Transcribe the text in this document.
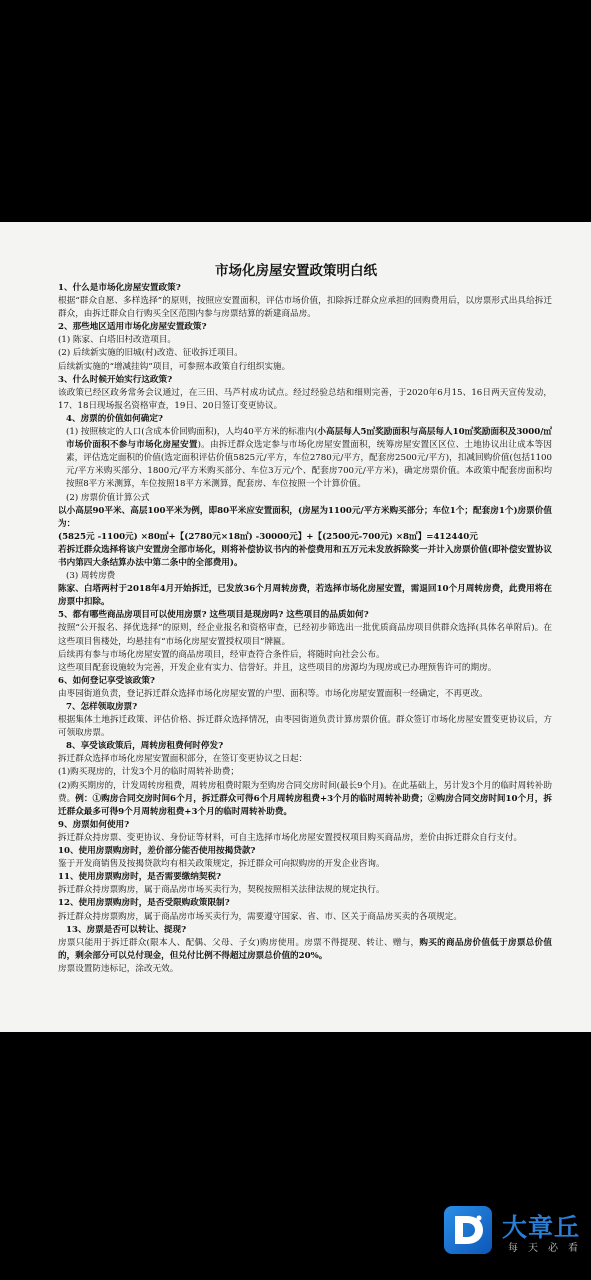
市场化房屋安置政策明白纸

1、什么是市场化房屋安置政策?

根据“群众自愿、多样选择”的原则，按照应安置面积，评估市场价值，扣除拆迁群众应承担的回购费用后，以房票形式出具给拆迁群众，由拆迁群众自行购买全区范围内参与房票结算的新建商品房。

2、那些地区适用市场化房屋安置政策?

(1) 陈家、白塔旧村改造项目。

(2) 后续新实施的旧城(村)改造、征收拆迁项目。

后续新实施的“增减挂钩”项目，可参照本政策自行组织实施。

3、什么时候开始实行这政策?

该政策已经区政务常务会议通过，在三田、马芦村成功试点。经过经验总结和细则完善，于2020年6月15、16日两天宣传发动，17、18日现场报名资格审查，19日、20日签订变更协议。

4、房票的价值如何确定?

(1) 按照核定的人口(含成本价回购面积)，人均40平方米的标准内(小高层每人5㎡奖励面积与高层每人10㎡奖励面积及3000/㎡市场价面积不参与市场化房屋安置)。由拆迁群众选定参与市场化房屋安置面积，统筹房屋安置区区位、土地协议出让成本等因素，评估选定面积的价值(选定面积评估价值5825元/平方，车位2780元/平方，配套房2500元/平方)，扣减回购价值(包括1100元/平方米购买部分、1800元/平方米购买部分、车位3万元/个、配套房700元/平方米)，确定房票价值。本政策中配套房面积均按照8平方米测算，车位按照18平方米测算，配套房、车位按照一个计算价值。

(2) 房票价值计算公式

以小高层90平米、高层100平米为例，即80平米应安置面积，(房屋为1100元/平方米购买部分；车位1个；配套房1个)房票价值为：

(5825元 -1100元) ×80㎡+【(2780元×18㎡) -30000元】+【(2500元-700元) ×8㎡】=412440元

若拆迁群众选择将该户安置房全部市场化，则将补偿协议书内的补偿费用和五万元未发放拆除奖一并计入房票价值(即补偿安置协议书内第四大条结算办法中第二条中的全部费用)。

(3) 周转房费

陈家、白塔两村于2018年4月开始拆迁，已发放36个月周转房费，若选择市场化房屋安置，需退回10个月周转房费，此费用将在房票中扣除。

5、都有哪些商品房项目可以使用房票? 这些项目是现房吗? 这些项目的品质如何?

按照“公开报名、择优选择”的原则，经企业报名和资格审查，已经初步筛选出一批优质商品房项目供群众选择(具体名单附后)。在这些项目售楼处，均悬挂有“市场化房屋安置授权项目”牌匾。

后续再有参与市场化房屋安置的商品房项目，经审查符合条件后，将随时向社会公布。

这些项目配套设施较为完善，开发企业有实力、信誉好。并且，这些项目的房源均为现房或已办理预售许可的期房。

6、如何登记享受该政策?

由枣园街道负责，登记拆迁群众选择市场化房屋安置的户型、面积等。市场化房屋安置面积一经确定，不再更改。

7、怎样领取房票?

根据集体土地拆迁政策、评估价格、拆迁群众选择情况，由枣园街道负责计算房票价值。群众签订市场化房屋安置变更协议后，方可领取房票。

8、享受该政策后，周转房租费何时停发?

拆迁群众选择市场化房屋安置面积部分，在签订变更协议之日起：

(1)购买现房的，计发3个月的临时周转补助费；

(2)购买期房的，计发周转房租费，周转房租费时限为至购房合同交房时间(最长9个月)。在此基础上，另计发3个月的临时周转补助费。例：①购房合同交房时间6个月，拆迁群众可得6个月周转房租费+3个月的临时周转补助费；②购房合同交房时间10个月，拆迁群众最多可得9个月周转房租费+3个月的临时周转补助费。

9、房票如何使用?

拆迁群众持房票、变更协议、身份证等材料，可自主选择市场化房屋安置授权项目购买商品房，差价由拆迁群众自行支付。

10、使用房票购房时，差价部分能否使用按揭贷款?

鉴于开发商销售及按揭贷款均有相关政策规定，拆迁群众可向拟购房的开发企业咨询。

11、使用房票购房时，是否需要缴纳契税?

拆迁群众持房票购房，属于商品房市场买卖行为，契税按照相关法律法规的规定执行。

12、使用房票购房时，是否受限购政策限制?

拆迁群众持房票购房，属于商品房市场买卖行为，需要遵守国家、省、市、区关于商品房买卖的各项规定。

13、房票是否可以转让、提现?

房票只能用于拆迁群众(限本人、配偶、父母、子女)购房使用。房票不得提现、转让、赠与，购买的商品房价值低于房票总价值的，剩余部分可以兑付现金，但兑付比例不得超过房票总价值的20%。

房票设置防违标记，涂改无效。

大章丘
每天必看
